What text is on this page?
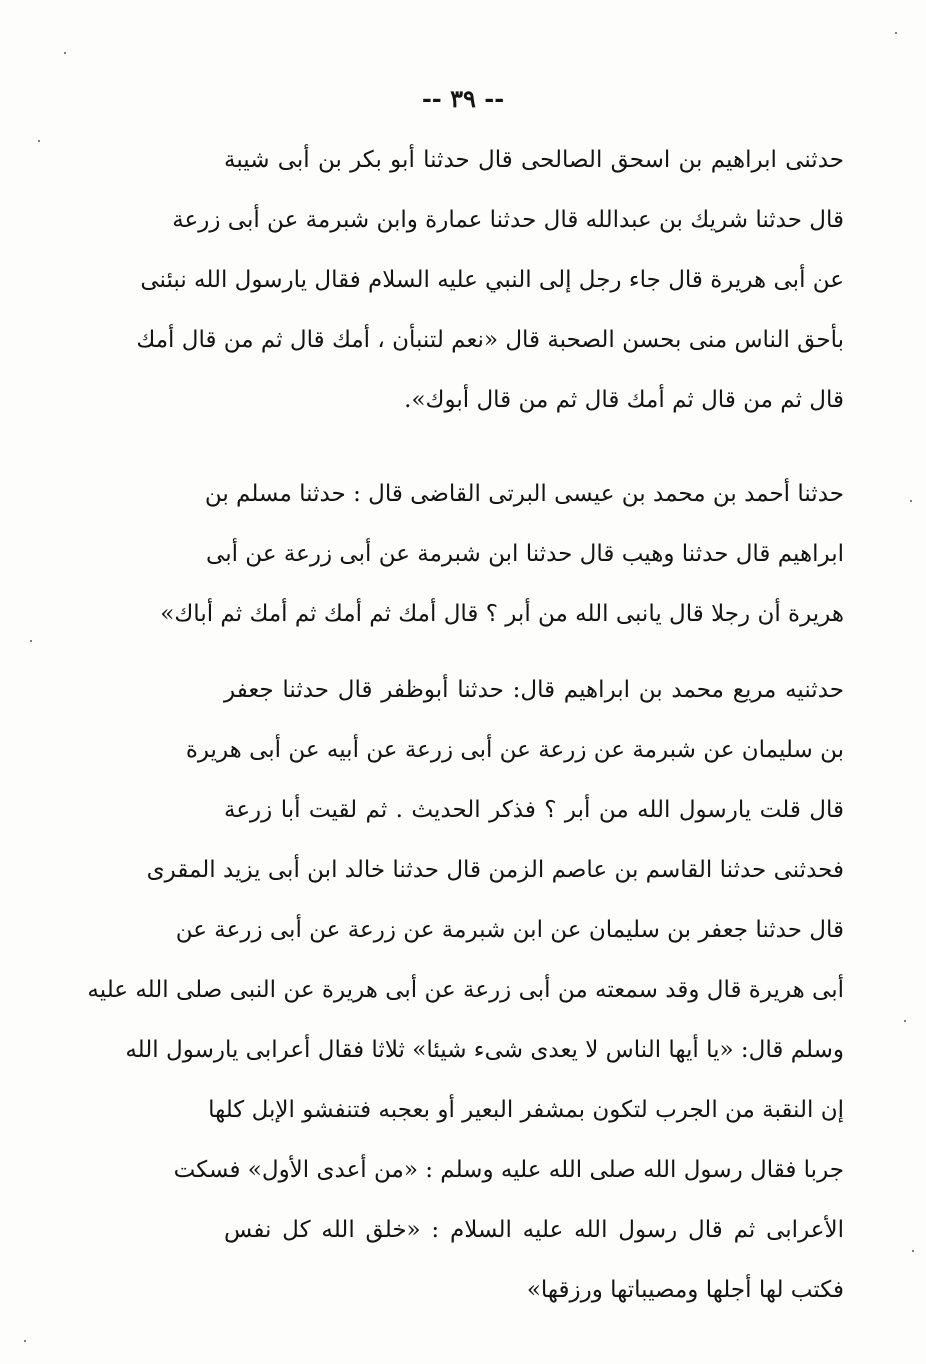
-- ٣٩ --
حدثنى ابراهيم بن اسحق الصالحى قال حدثنا أبو بكر بن أبى شيبة
قال حدثنا شريك بن عبدالله قال حدثنا عمارة وابن شبرمة عن أبى زرعة
عن أبى هريرة قال جاء رجل إلى النبي عليه السلام فقال يارسول الله نبئنى
بأحق الناس منى بحسن الصحبة قال «نعم لتنبأن ، أمك قال ثم من قال أمك
قال ثم من قال ثم أمك قال ثم من قال أبوك».
حدثنا أحمد بن محمد بن عيسى البرتى القاضى قال : حدثنا مسلم بن
ابراهيم قال حدثنا وهيب قال حدثنا ابن شبرمة عن أبى زرعة عن أبى
هريرة أن رجلا قال يانبى الله من أبر ؟ قال أمك ثم أمك ثم أمك ثم أباك»
حدثنيه مريع محمد بن ابراهيم قال: حدثنا أبوظفر قال حدثنا جعفر
بن سليمان عن شبرمة عن زرعة عن أبى زرعة عن أبيه عن أبى هريرة
قال قلت يارسول الله من أبر ؟ فذكر الحديث . ثم لقيت أبا زرعة
فحدثنى حدثنا القاسم بن عاصم الزمن قال حدثنا خالد ابن أبى يزيد المقرى
قال حدثنا جعفر بن سليمان عن ابن شبرمة عن زرعة عن أبى زرعة عن
أبى هريرة قال وقد سمعته من أبى زرعة عن أبى هريرة عن النبى صلى الله عليه
وسلم قال: «يا أيها الناس لا يعدى شىء شيئا» ثلاثا فقال أعرابى يارسول الله
إن النقبة من الجرب لتكون بمشفر البعير أو بعجبه فتنفشو الإبل كلها
جربا فقال رسول الله صلى الله عليه وسلم : «من أعدى الأول» فسكت
الأعرابى ثم قال رسول الله عليه السلام : «خلق الله كل نفس
فكتب لها أجلها ومصيباتها ورزقها»
